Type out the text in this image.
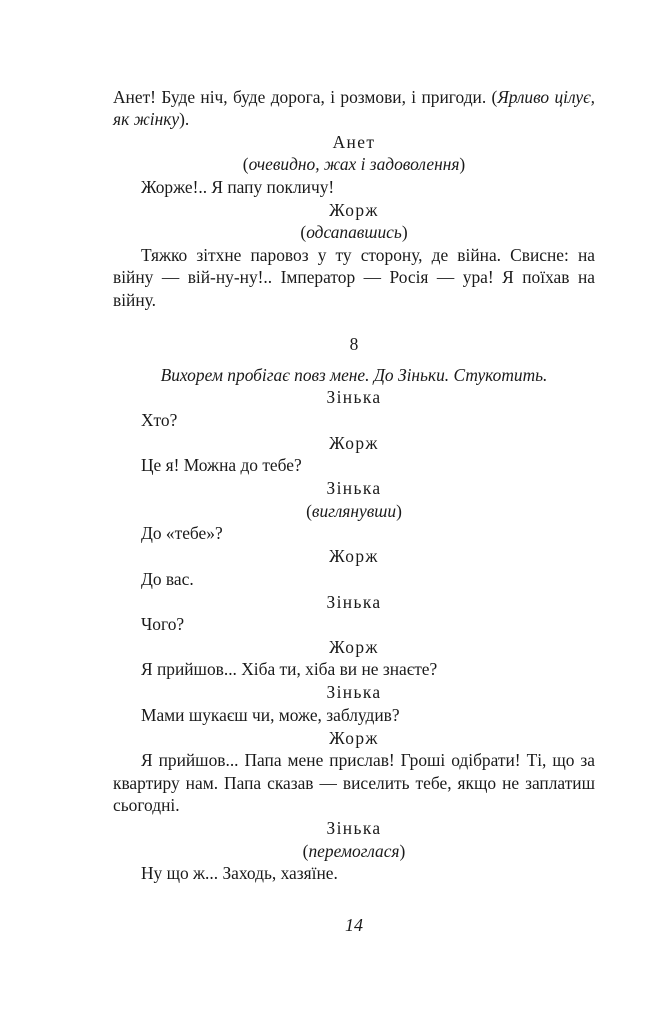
Анет! Буде ніч, буде дорога, і розмови, і пригоди. (Ярливо цілує,
як жінку).
Анет
(очевидно, жах і задоволення)
Жорже!.. Я папу покличу!
Жорж
(одсапавшись)
Тяжко зітхне паровоз у ту сторону, де війна. Свисне: на
війну — вій-ну-ну!.. Імператор — Росія — ура! Я поїхав на
війну.
8
Вихорем пробігає повз мене. До Зіньки. Стукотить.
Зінька
Хто?
Жорж
Це я! Можна до тебе?
Зінька
(виглянувши)
До «тебе»?
Жорж
До вас.
Зінька
Чого?
Жорж
Я прийшов... Хіба ти, хіба ви не знаєте?
Зінька
Мами шукаєш чи, може, заблудив?
Жорж
Я прийшов... Папа мене прислав! Гроші одібрати! Ті, що за
квартиру нам. Папа сказав — виселить тебе, якщо не заплатиш
сьогодні.
Зінька
(перемоглася)
Ну що ж... Заходь, хазяїне.
14
